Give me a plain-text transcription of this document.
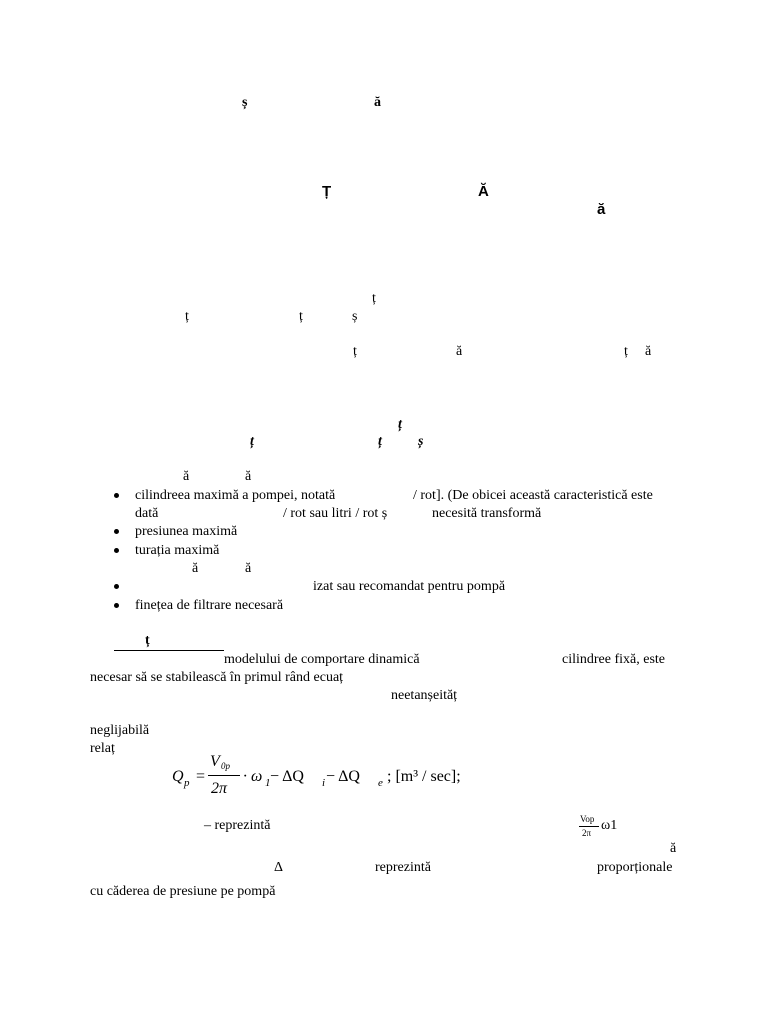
ș	ă
Ț	Ă
ă
ț
ț	ț	ș
ț	ă	ț ă
ț
ț	ț	ș
ă	ă
cilindreea maximă a pompei, notată	/ rot]. (De obicei această caracteristică este
dată	/ rot sau litri / rot ș	necesită transformă
presiunea maximă
turația maximă
ă	ă
izat sau recomandat pentru pompă
finețea de filtrare necesară
ț
modelului de comportare dinamică	cilindree fixă, este
necesar să se stabilească în primul rând ecuaț
neetanșeităț
neglijabilă
relaț
Q p =
V 0p
2π
· ω 1 − ΔQ i − ΔQ e ; [m³ / sec];
– reprezintă	Vop
2π ω1
ă
Δ	reprezintă	proporționale
cu căderea de presiune pe pompă
